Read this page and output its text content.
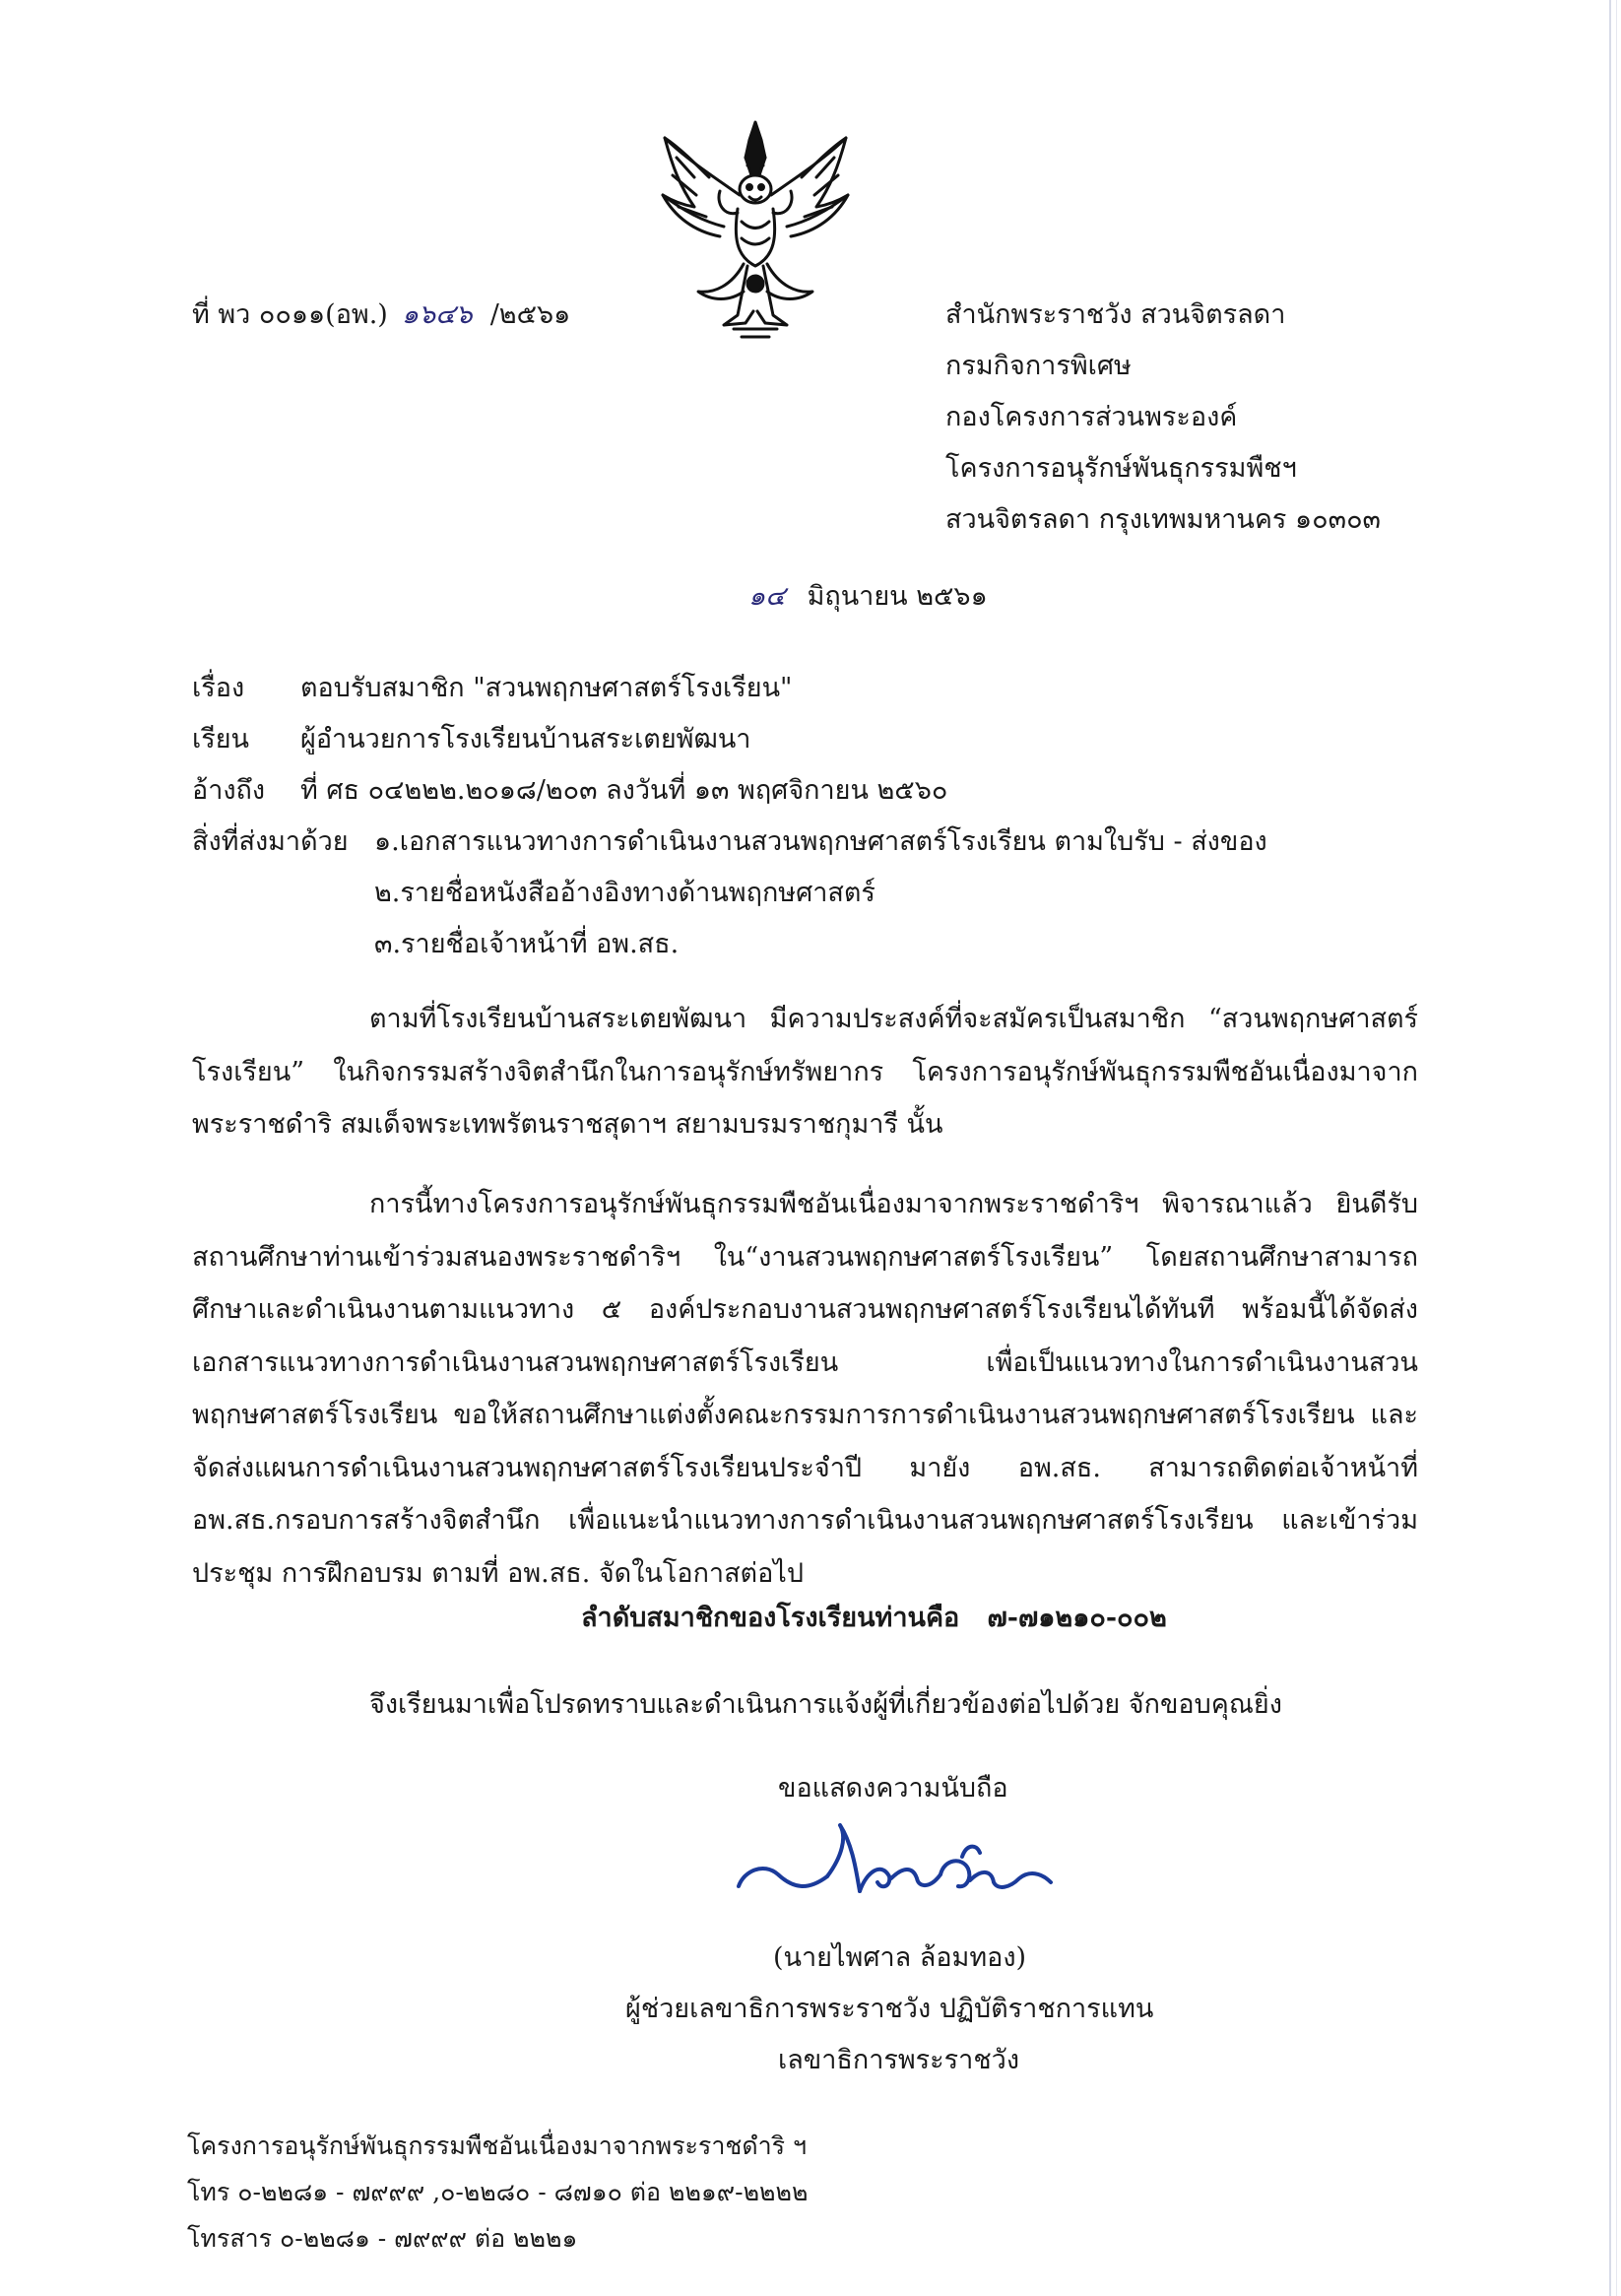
ที่ พว ๐๐๑๑(อพ.) ๑๖๔๖ /๒๕๖๑	สำนักพระราชวัง สวนจิตรลดา
กรมกิจการพิเศษ
กองโครงการส่วนพระองค์
โครงการอนุรักษ์พันธุกรรมพืชฯ
สวนจิตรลดา กรุงเทพมหานคร ๑๐๓๐๓
๑๔ มิถุนายน ๒๕๖๑
เรื่อง ตอบรับสมาชิก "สวนพฤกษศาสตร์โรงเรียน"
เรียน ผู้อำนวยการโรงเรียนบ้านสระเตยพัฒนา
อ้างถึง ที่ ศธ ๐๔๒๒๒.๒๐๑๘/๒๐๓ ลงวันที่ ๑๓ พฤศจิกายน ๒๕๖๐
สิ่งที่ส่งมาด้วย ๑.เอกสารแนวทางการดำเนินงานสวนพฤกษศาสตร์โรงเรียน ตามใบรับ - ส่งของ
๒.รายชื่อหนังสืออ้างอิงทางด้านพฤกษศาสตร์
๓.รายชื่อเจ้าหน้าที่ อพ.สธ.

ตามที่โรงเรียนบ้านสระเตยพัฒนา มีความประสงค์ที่จะสมัครเป็นสมาชิก “สวนพฤกษศาสตร์โรงเรียน” ในกิจกรรมสร้างจิตสำนึกในการอนุรักษ์ทรัพยากร โครงการอนุรักษ์พันธุกรรมพืชอันเนื่องมาจากพระราชดำริ สมเด็จพระเทพรัตนราชสุดาฯ สยามบรมราชกุมารี นั้น

การนี้ทางโครงการอนุรักษ์พันธุกรรมพืชอันเนื่องมาจากพระราชดำริฯ พิจารณาแล้ว ยินดีรับสถานศึกษาท่านเข้าร่วมสนองพระราชดำริฯ ใน“งานสวนพฤกษศาสตร์โรงเรียน” โดยสถานศึกษาสามารถศึกษาและดำเนินงานตามแนวทาง ๕ องค์ประกอบงานสวนพฤกษศาสตร์โรงเรียนได้ทันที พร้อมนี้ได้จัดส่งเอกสารแนวทางการดำเนินงานสวนพฤกษศาสตร์โรงเรียน เพื่อเป็นแนวทางในการดำเนินงานสวนพฤกษศาสตร์โรงเรียน ขอให้สถานศึกษาแต่งตั้งคณะกรรมการการดำเนินงานสวนพฤกษศาสตร์โรงเรียน และจัดส่งแผนการดำเนินงานสวนพฤกษศาสตร์โรงเรียนประจำปี มายัง อพ.สธ. สามารถติดต่อเจ้าหน้าที่ อพ.สธ.กรอบการสร้างจิตสำนึก เพื่อแนะนำแนวทางการดำเนินงานสวนพฤกษศาสตร์โรงเรียน และเข้าร่วมประชุม การฝึกอบรม ตามที่ อพ.สธ. จัดในโอกาสต่อไป

ลำดับสมาชิกของโรงเรียนท่านคือ ๗-๗๑๒๑๐-๐๐๒
จึงเรียนมาเพื่อโปรดทราบและดำเนินการแจ้งผู้ที่เกี่ยวข้องต่อไปด้วย จักขอบคุณยิ่ง
ขอแสดงความนับถือ
(นายไพศาล ล้อมทอง)
ผู้ช่วยเลขาธิการพระราชวัง ปฏิบัติราชการแทน
เลขาธิการพระราชวัง
โครงการอนุรักษ์พันธุกรรมพืชอันเนื่องมาจากพระราชดำริ ฯ
โทร ๐-๒๒๘๑ - ๗๙๙๙ ,๐-๒๒๘๐ - ๘๗๑๐ ต่อ ๒๒๑๙-๒๒๒๒
โทรสาร ๐-๒๒๘๑ - ๗๙๙๙ ต่อ ๒๒๒๑
